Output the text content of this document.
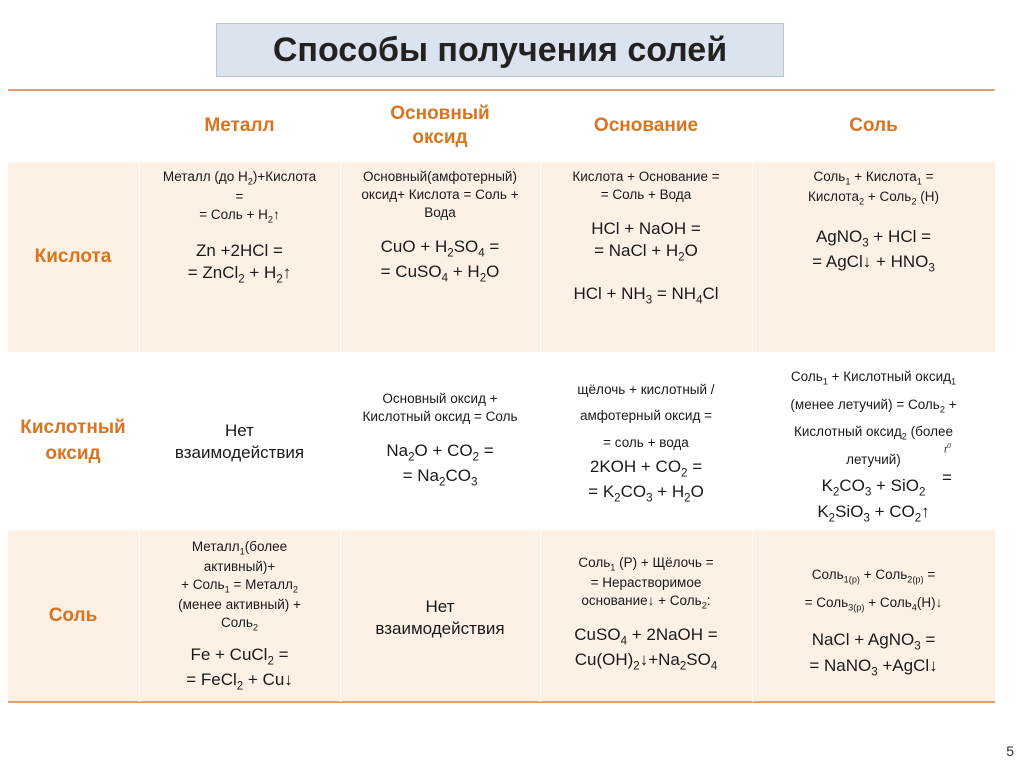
Способы получения солей
Металл
Основный оксид
Основание	Соль
Кислота
Кислотный оксид
Соль
Металл (до $H_2)+Кислота$
=
= Соль + $H_2↑$
Zn +2HCl =
= ZnCl$_2$ + $H_2↑$
Основный(амфотерный)
оксид+ Кислота = Соль +
Вода
CuO + $H_2SO_4$ =
= CuSO$_4$ + $H_2O$
Кислота + Основание =
= Соль + Вода
HCl + NaOH =
= NaCl + $H_2O$
HCl + $NH_3 = NH_4Cl$
Соль$_1$ + Кислота$_1$ =
Кислота$_2$ + Соль$_2$ (Н)
AgNO$_3$ + HCl =
= AgCl↓ + $HNO_3$
Нет
взаимодействия
Основный оксид +
Кислотный оксид = Соль
$Na_2O + CO_2$ =
= $Na_2CO_3$
щёлочь + кислотный /
амфотерный оксид =
= соль + вода
$2KOH + CO_2$ =
= $K_2CO_3 + H_2O$
Соль$_1$ + Кислотный оксид$_1$
(менее летучий) = Соль$_2$ +
Кислотный оксид$_2$ (более
летучий)
$t^0$
=
$K_2CO_3 + SiO_2$
$K_2SiO_3$ + $CO_2↑$
Металл$_1$(более
активный)+
+ Соль$_1$ = Металл$_2$
(менее активный) +
Соль$_2$
Fe + CuCl$_2$ =
= FeCl$_2$ + Cu↓
Нет
взаимодействия
Соль$_1$ (Р) + Щёлочь =
= Нерастворимое
основание↓ + Соль$_2$:
CuSO$_4$ + 2NaOH =
$Cu(OH)_2↓+Na_2SO_4$
Соль$_{1(р)}$ + Соль$_{2(р)}$ =
= Соль$_{3(р)}$ + Соль$_4$(Н)↓
NaCl + AgNO$_3$ =
= NaNO$_3$ +AgCl↓
5
